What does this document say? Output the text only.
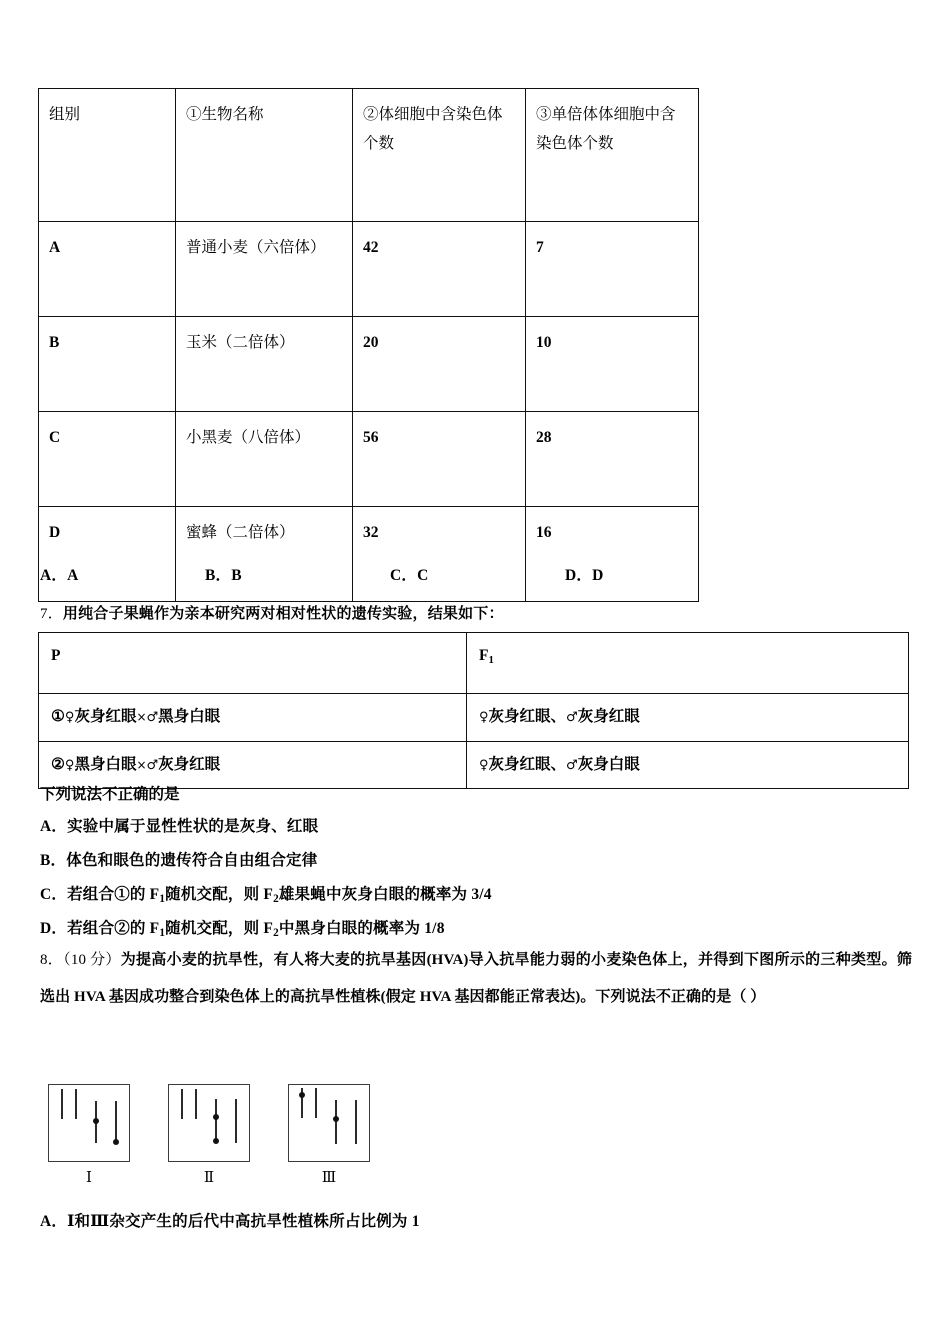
组别	①生物名称	②体细胞中含染色体个数	③单倍体体细胞中含染色体个数
A	普通小麦（六倍体）	42	7
B	玉米（二倍体）	20	10
C	小黑麦（八倍体）	56	28
D	蜜蜂（二倍体）	32	16
A．A	B．B	C．C	D．D
7．用纯合子果蝇作为亲本研究两对相对性状的遗传实验，结果如下：
P	$F_1$
①♀灰身红眼×♂黑身白眼	♀灰身红眼、♂灰身红眼
②♀黑身白眼×♂灰身红眼	♀灰身红眼、♂灰身白眼
下列说法不正确的是
A．实验中属于显性性状的是灰身、红眼
B．体色和眼色的遗传符合自由组合定律
C．若组合①的 $F_1$随机交配，则 $F_2$雄果蝇中灰身白眼的概率为 3/4
D．若组合②的 $F_1$随机交配，则 $F_2$中黑身白眼的概率为 1/8
8．（10 分）为提高小麦的抗旱性，有人将大麦的抗旱基因(HVA)导入抗旱能力弱的小麦染色体上，并得到下图所示的三种类型。筛选出 HVA 基因成功整合到染色体上的高抗旱性植株(假定 HVA 基因都能正常表达)。下列说法不正确的是（ ）
Ⅰ	Ⅱ	Ⅲ
A．Ⅰ和Ⅲ杂交产生的后代中高抗旱性植株所占比例为 1
